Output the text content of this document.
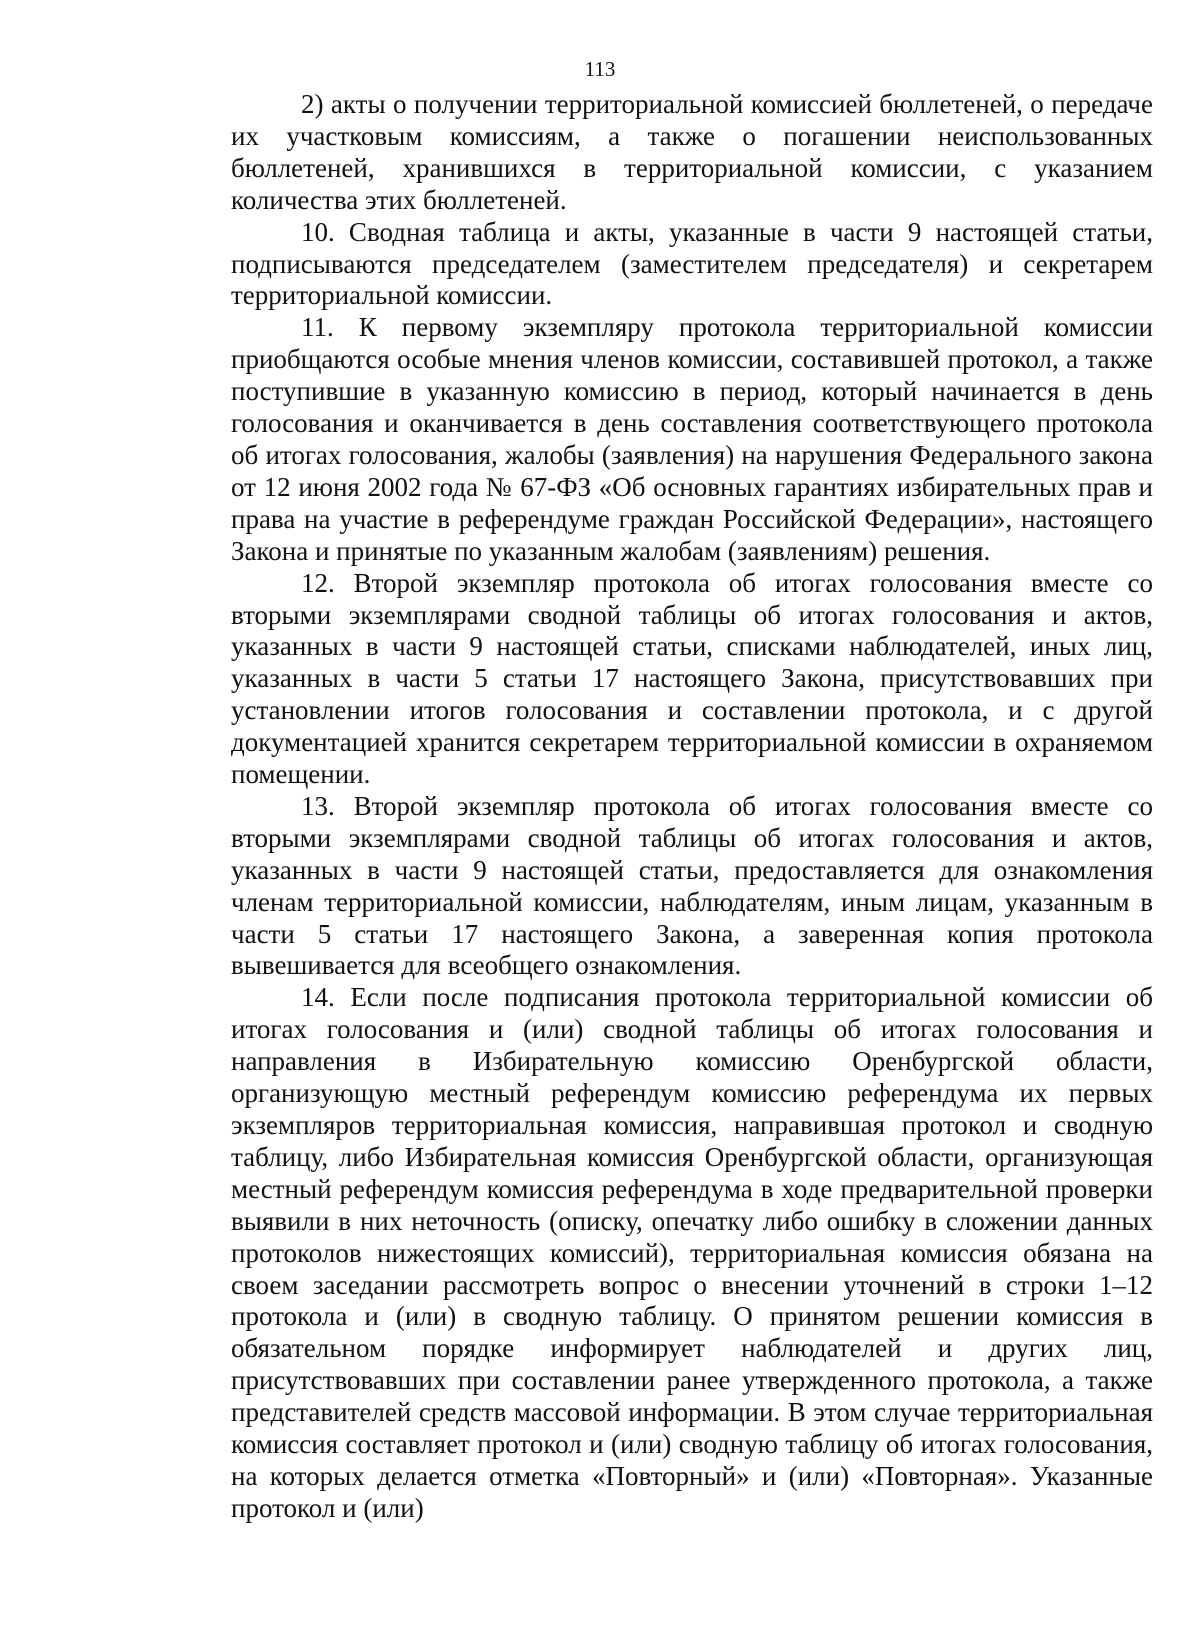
113

2) акты о получении территориальной комиссией бюллетеней, о передаче их участковым комиссиям, а также о погашении неиспользованных бюллетеней, хранившихся в территориальной комиссии, с указанием количества этих бюллетеней.

10. Сводная таблица и акты, указанные в части 9 настоящей статьи, подписываются председателем (заместителем председателя) и секретарем территориальной комиссии.

11. К первому экземпляру протокола территориальной комиссии приобщаются особые мнения членов комиссии, составившей протокол, а также поступившие в указанную комиссию в период, который начинается в день голосования и оканчивается в день составления соответствующего протокола об итогах голосования, жалобы (заявления) на нарушения Федерального закона от 12 июня 2002 года № 67-ФЗ «Об основных гарантиях избирательных прав и права на участие в референдуме граждан Российской Федерации», настоящего Закона и принятые по указанным жалобам (заявлениям) решения.

12. Второй экземпляр протокола об итогах голосования вместе со вторыми экземплярами сводной таблицы об итогах голосования и актов, указанных в части 9 настоящей статьи, списками наблюдателей, иных лиц, указанных в части 5 статьи 17 настоящего Закона, присутствовавших при установлении итогов голосования и составлении протокола, и с другой документацией хранится секретарем территориальной комиссии в охраняемом помещении.

13. Второй экземпляр протокола об итогах голосования вместе со вторыми экземплярами сводной таблицы об итогах голосования и актов, указанных в части 9 настоящей статьи, предоставляется для ознакомления членам территориальной комиссии, наблюдателям, иным лицам, указанным в части 5 статьи 17 настоящего Закона, а заверенная копия протокола вывешивается для всеобщего ознакомления.

14. Если после подписания протокола территориальной комиссии об итогах голосования и (или) сводной таблицы об итогах голосования и направления в Избирательную комиссию Оренбургской области, организующую местный референдум комиссию референдума их первых экземпляров территориальная комиссия, направившая протокол и сводную таблицу, либо Избирательная комиссия Оренбургской области, организующая местный референдум комиссия референдума в ходе предварительной проверки выявили в них неточность (описку, опечатку либо ошибку в сложении данных протоколов нижестоящих комиссий), территориальная комиссия обязана на своем заседании рассмотреть вопрос о внесении уточнений в строки 1–12 протокола и (или) в сводную таблицу. О принятом решении комиссия в обязательном порядке информирует наблюдателей и других лиц, присутствовавших при составлении ранее утвержденного протокола, а также представителей средств массовой информации. В этом случае территориальная комиссия составляет протокол и (или) сводную таблицу об итогах голосования, на которых делается отметка «Повторный» и (или) «Повторная». Указанные протокол и (или)
